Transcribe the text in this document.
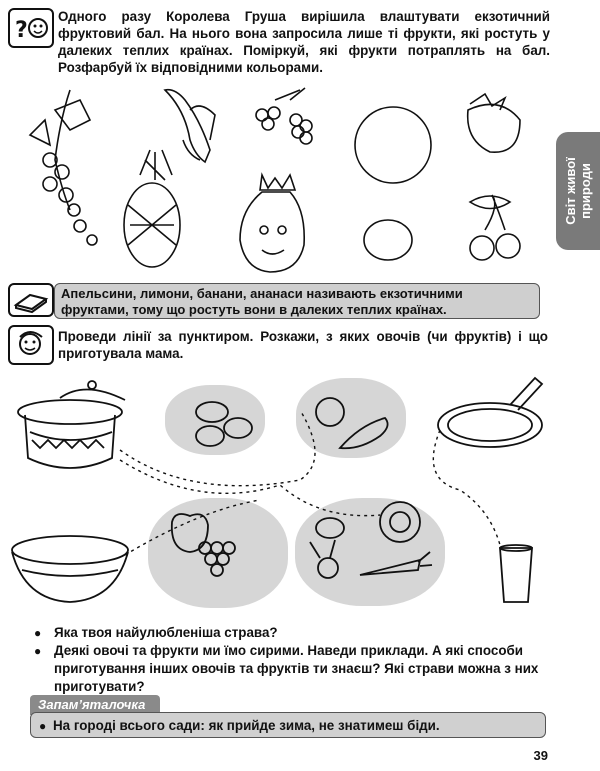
?
Одного разу Королева Груша вирішила влаштувати екзотичний фруктовий бал. На нього вона запросила лише ті фрукти, які ростуть у далеких теплих країнах. Поміркуй, які фрукти потраплять на бал. Розфарбуй їх відповідними кольорами.
Світ живої природи
Апельсини, лимони, банани, ананаси називають екзотичними фруктами, тому що ростуть вони в далеких теплих країнах.
Проведи лінії за пунктиром. Розкажи, з яких овочів (чи фруктів) і що приготувала мама.
● Яка твоя найулюбленіша страва?
● Деякі овочі та фрукти ми їмо сирими. Наведи приклади. А які способи приготування інших овочів та фруктів ти знаєш? Які страви можна з них приготувати?
Запам’яталочка
● На городі всього сади: як прийде зима, не знатимеш біди.
39
